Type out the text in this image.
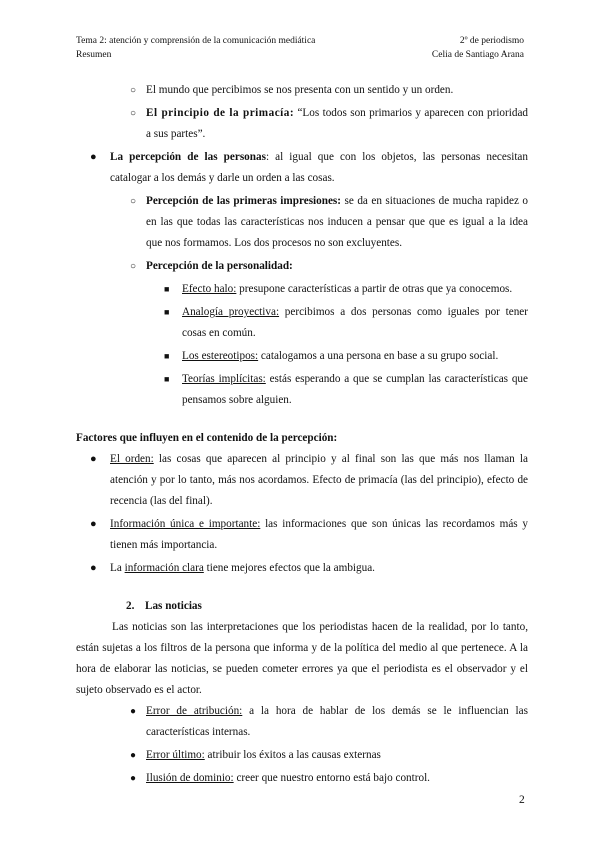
Tema 2: atención y comprensión de la comunicación mediática	2º de periodismo
Resumen	Celia de Santiago Arana

○ El mundo que percibimos se nos presenta con un sentido y un orden.

○ El principio de la primacía: “Los todos son primarios y aparecen con prioridad a sus partes”.

● La percepción de las personas: al igual que con los objetos, las personas necesitan catalogar a los demás y darle un orden a las cosas.

○ Percepción de las primeras impresiones: se da en situaciones de mucha rapidez o en las que todas las características nos inducen a pensar que que es igual a la idea que nos formamos. Los dos procesos no son excluyentes.

○ Percepción de la personalidad:

■ Efecto halo: presupone características a partir de otras que ya conocemos.

■ Analogía proyectiva: percibimos a dos personas como iguales por tener cosas en común.

■ Los estereotipos: catalogamos a una persona en base a su grupo social.

■ Teorías implícitas: estás esperando a que se cumplan las características que pensamos sobre alguien.

Factores que influyen en el contenido de la percepción:

● El orden: las cosas que aparecen al principio y al final son las que más nos llaman la atención y por lo tanto, más nos acordamos. Efecto de primacía (las del principio), efecto de recencia (las del final).

● Información única e importante: las informaciones que son únicas las recordamos más y tienen más importancia.

● La información clara tiene mejores efectos que la ambigua.

2. Las noticias

Las noticias son las interpretaciones que los periodistas hacen de la realidad, por lo tanto, están sujetas a los filtros de la persona que informa y de la política del medio al que pertenece. A la hora de elaborar las noticias, se pueden cometer errores ya que el periodista es el observador y el sujeto observado es el actor.

● Error de atribución: a la hora de hablar de los demás se le influencian las características internas.

● Error último: atribuir los éxitos a las causas externas

● Ilusión de dominio: creer que nuestro entorno está bajo control.

2
